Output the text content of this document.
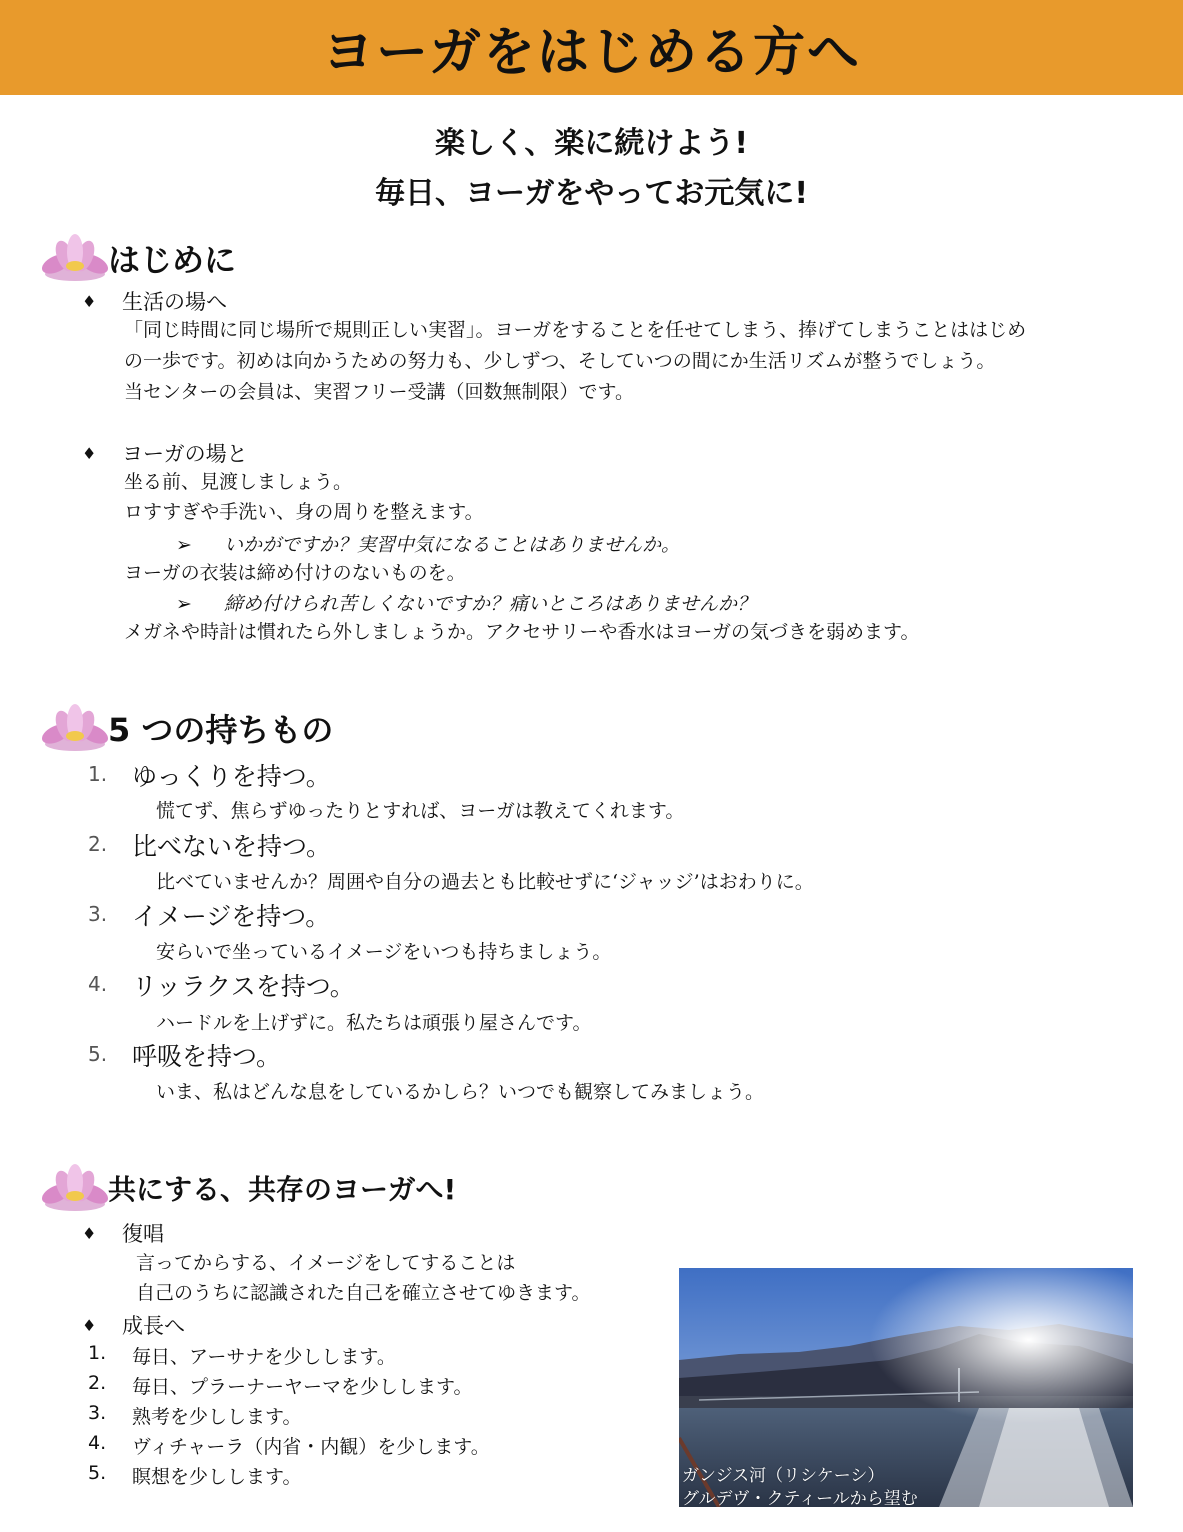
ヨーガをはじめる方へ
楽しく、楽に続けよう!
毎日、ヨーガをやってお元気に!
はじめに
♦	生活の場へ
「同じ時間に同じ場所で規則正しい実習」。ヨーガをすることを任せてしまう、捧げてしまうことははじめ
の一歩です。初めは向かうための努力も、少しずつ、そしていつの間にか生活リズムが整うでしょう。
当センターの会員は、実習フリー受講（回数無制限）です。
♦	ヨーガの場と
坐る前、見渡しましょう。
ロすすぎや手洗い、身の周りを整えます。
➢ いかがですか？実習中気になることはありませんか。
ヨーガの衣装は締め付けのないものを。
➢ 締め付けられ苦しくないですか？痛いところはありませんか？
メガネや時計は慣れたら外しましょうか。アクセサリーや香水はヨーガの気づきを弱めます。
5 つの持ちもの
1. ゆっくりを持つ。
慌てず、焦らずゆったりとすれば、ヨーガは教えてくれます。
2. 比べないを持つ。
比べていませんか？周囲や自分の過去とも比較せずに‘ジャッジ’はおわりに。
3. イメージを持つ。
安らいで坐っているイメージをいつも持ちましょう。
4. リッラクスを持つ。
ハードルを上げずに。私たちは頑張り屋さんです。
5. 呼吸を持つ。
いま、私はどんな息をしているかしら？いつでも観察してみましょう。
共にする、共存のヨーガへ!
♦	復唱
言ってからする、イメージをしてすることは
自己のうちに認識された自己を確立させてゆきます。
♦	成長へ
1.	毎日、アーサナを少しします。
2.	毎日、プラーナーヤーマを少しします。
3.	熟考を少しします。
4.	ヴィチャーラ（内省・内観）を少します。
5.	瞑想を少しします。	ガンジス河（リシケーシ）
グルデヴ・クティールから望む
